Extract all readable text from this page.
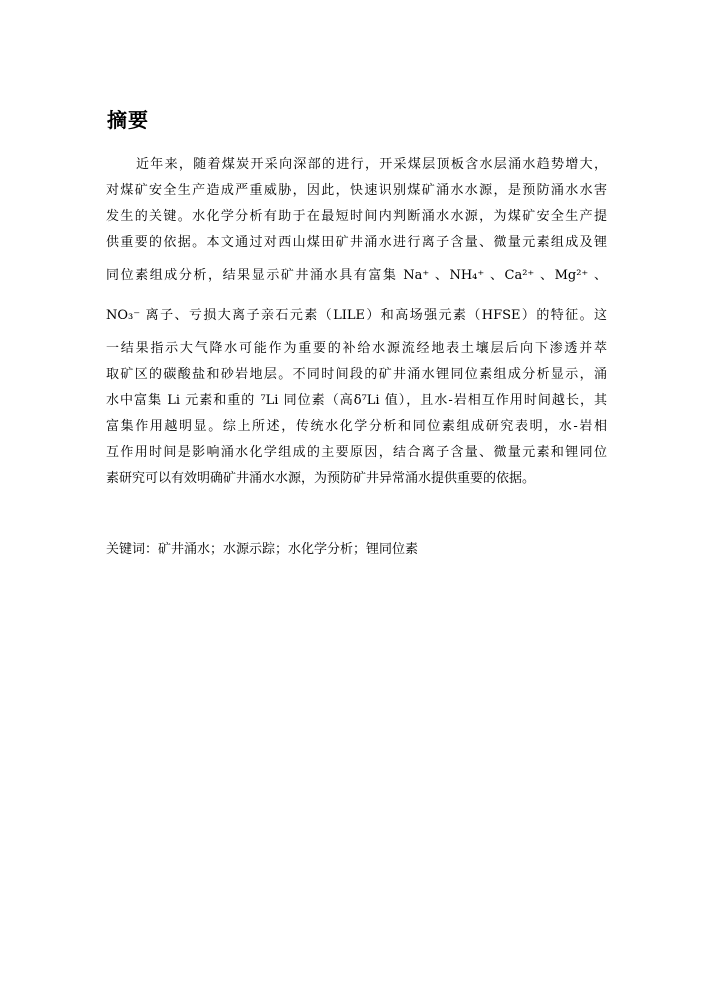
摘要
近年来，随着煤炭开采向深部的进行，开采煤层顶板含水层涌水趋势增大，
对煤矿安全生产造成严重威胁，因此，快速识别煤矿涌水水源，是预防涌水水害
发生的关键。水化学分析有助于在最短时间内判断涌水水源，为煤矿安全生产提
供重要的依据。本文通过对西山煤田矿井涌水进行离子含量、微量元素组成及锂
同位素组成分析，结果显示矿井涌水具有富集 Na⁺ 、NH₄⁺ 、Ca²⁺ 、Mg²⁺ 、
NO₃⁻ 离子、亏损大离子亲石元素（LILE）和高场强元素（HFSE）的特征。这
一结果指示大气降水可能作为重要的补给水源流经地表土壤层后向下渗透并萃
取矿区的碳酸盐和砂岩地层。不同时间段的矿井涌水锂同位素组成分析显示，涌
水中富集 Li 元素和重的 ⁷Li 同位素（高δ⁷Li 值），且水-岩相互作用时间越长，其
富集作用越明显。综上所述，传统水化学分析和同位素组成研究表明，水-岩相
互作用时间是影响涌水化学组成的主要原因，结合离子含量、微量元素和锂同位
素研究可以有效明确矿井涌水水源，为预防矿井异常涌水提供重要的依据。
关键词：矿井涌水；水源示踪；水化学分析；锂同位素
